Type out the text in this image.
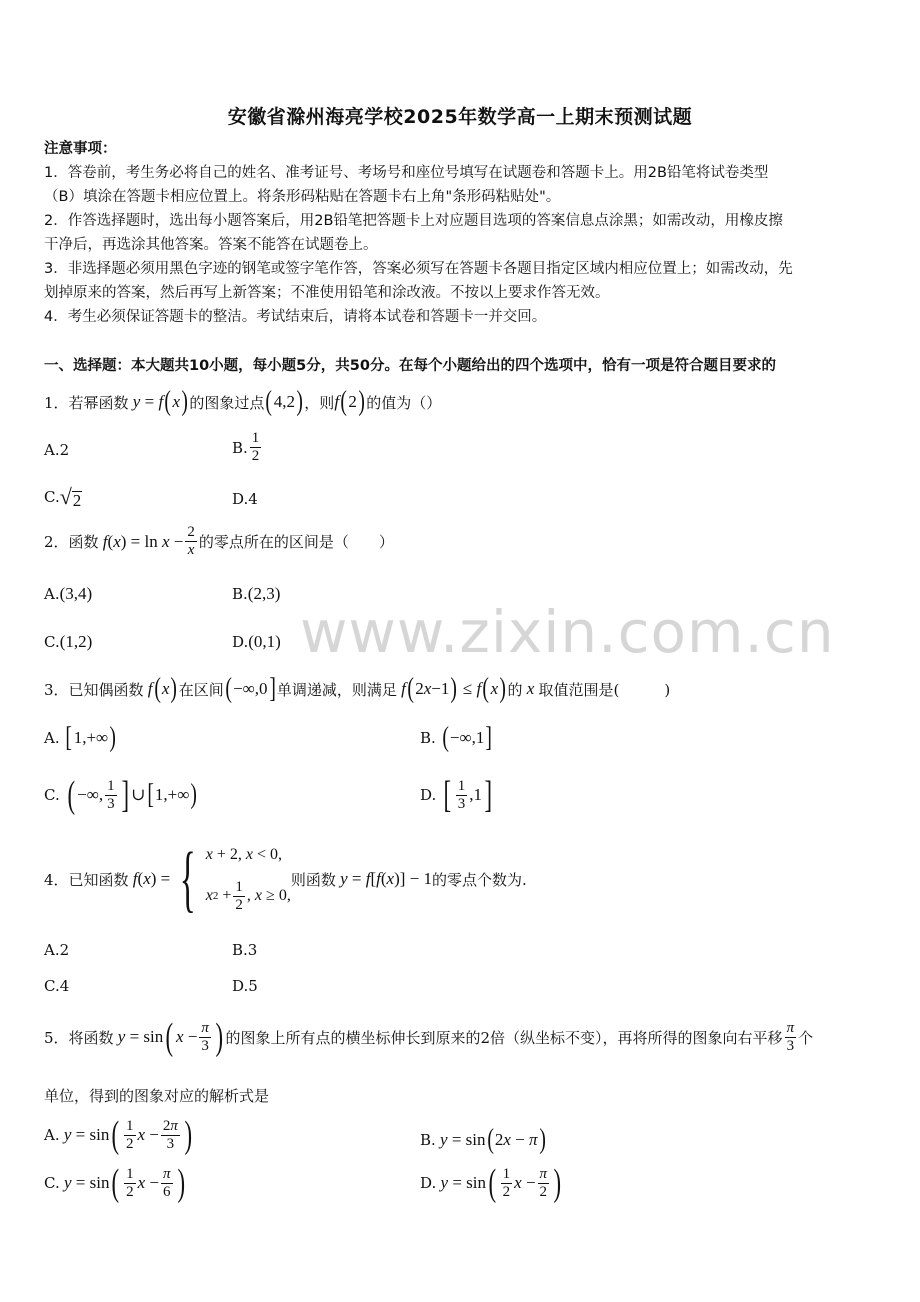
安徽省滁州海亮学校2025年数学高一上期末预测试题
注意事项：
1．答卷前，考生务必将自己的姓名、准考证号、考场号和座位号填写在试题卷和答题卡上。用2B铅笔将试卷类型
（B）填涂在答题卡相应位置上。将条形码粘贴在答题卡右上角"条形码粘贴处"。
2．作答选择题时，选出每小题答案后，用2B铅笔把答题卡上对应题目选项的答案信息点涂黑；如需改动，用橡皮擦
干净后，再选涂其他答案。答案不能答在试题卷上。
3．非选择题必须用黑色字迹的钢笔或签字笔作答，答案必须写在答题卡各题目指定区域内相应位置上；如需改动，先
划掉原来的答案，然后再写上新答案；不准使用铅笔和涂改液。不按以上要求作答无效。
4．考生必须保证答题卡的整洁。考试结束后，请将本试卷和答题卡一并交回。
一、选择题：本大题共10小题，每小题5分，共50分。在每个小题给出的四个选项中，恰有一项是符合题目要求的
www.zixin.com.cn
1．若幂函数 y = f ( x ) 的图象过点 ( 4,2 ) ，则 f ( 2 ) 的值为（）
A.2	B. $\frac{1}{2}$
C. √ 2	D.4
2．函数 f ( x ) = $\ln x - \frac{2}{x}$ 的零点所在的区间是（　　）
A. (3,4)	B. (2,3)
C. (1,2)	D. (0,1)
3．已知偶函数 f ( x ) 在区间 ( −∞,0 ] 单调递减，则满足 f ( 2 x −1 ) ≤ f ( x ) 的 x 取值范围是(　　　)
A.
[ 1,+∞ )	B.
( −∞,1 ]
C.
( −∞, $\frac{1}{3}$ ] ∪ [ 1,+∞ )	D.
[ $\frac{1}{3} ,1$ ]
4．已知函数 f ( x ) = { x + 2, x < 0,
x $2 + \frac{1}{2}$ , x ≥ 0,
则函数 y = f [ f ( x )] − 1 的零点个数为.
A.2	B.3
C.4	D.5
5．将函数 y = sin ( $x - \frac{\pi}{3}$ ) 的图象上所有点的横坐标伸长到原来的2倍（纵坐标不变），再将所得的图象向右平移 $\frac{\pi}{3}$ 个
单位，得到的图象对应的解析式是
A. y = sin ( $\frac{1}{2}$ $x - \frac{2\pi}{3}$ )	B. y = sin ( 2 x − π )
C. y = sin ( $\frac{1}{2}$ $x - \frac{\pi}{6}$ )	D. y = sin ( $\frac{1}{2}$ $x - \frac{\pi}{2}$ )
